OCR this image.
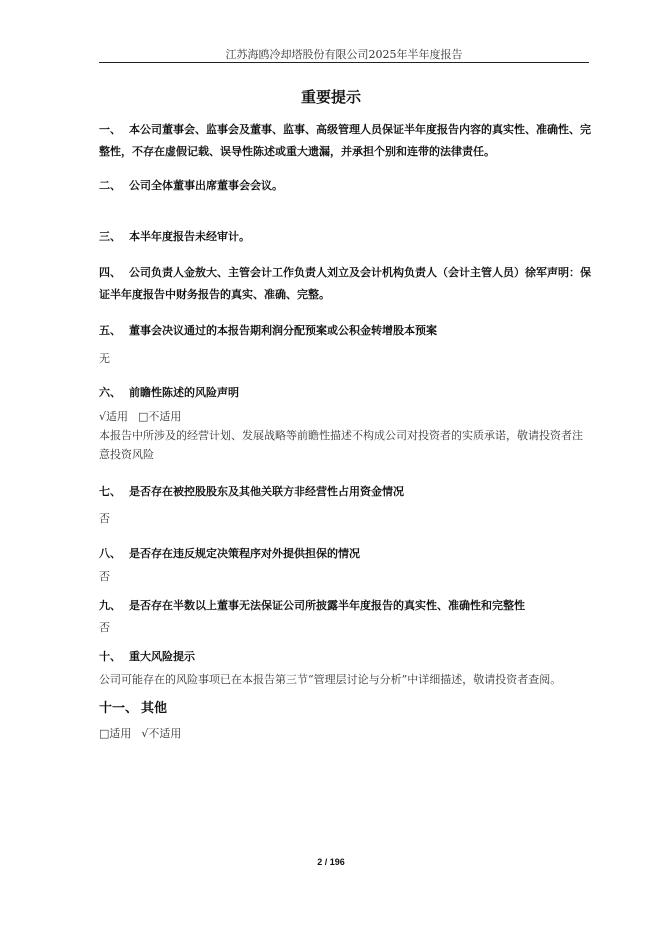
江苏海鸥冷却塔股份有限公司2025年半年度报告
重要提示
一、 本公司董事会、监事会及董事、监事、高级管理人员保证半年度报告内容的真实性、准确性、完整性，不存在虚假记载、误导性陈述或重大遗漏，并承担个别和连带的法律责任。
二、 公司全体董事出席董事会会议。
三、 本半年度报告未经审计。
四、 公司负责人金敖大、主管会计工作负责人刘立及会计机构负责人（会计主管人员）徐军声明：保证半年度报告中财务报告的真实、准确、完整。
五、 董事会决议通过的本报告期利润分配预案或公积金转增股本预案
无
六、 前瞻性陈述的风险声明
√适用 □不适用
本报告中所涉及的经营计划、发展战略等前瞻性描述不构成公司对投资者的实质承诺，敬请投资者注意投资风险
七、 是否存在被控股股东及其他关联方非经营性占用资金情况
否
八、 是否存在违反规定决策程序对外提供担保的情况
否
九、 是否存在半数以上董事无法保证公司所披露半年度报告的真实性、准确性和完整性
否
十、 重大风险提示
公司可能存在的风险事项已在本报告第三节“管理层讨论与分析”中详细描述，敬请投资者查阅。
十一、 其他
□适用 √不适用
2 / 196
